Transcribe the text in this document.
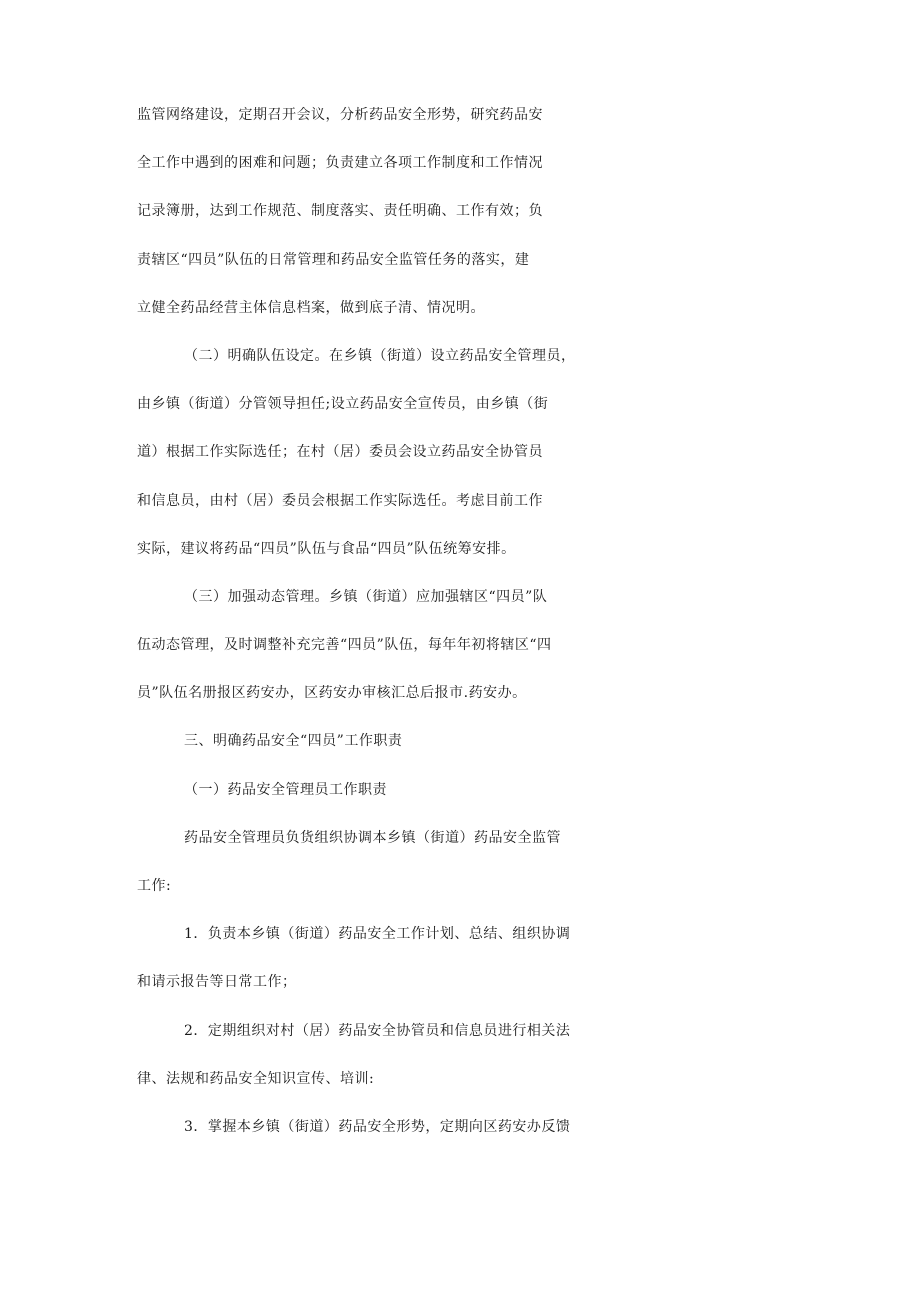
监管网络建设，定期召开会议，分析药品安全形势，研究药品安
全工作中遇到的困难和问题；负责建立各项工作制度和工作情况
记录簿册，达到工作规范、制度落实、责任明确、工作有效；负
责辖区“四员”队伍的日常管理和药品安全监管任务的落实，建
立健全药品经营主体信息档案，做到底子清、情况明。
（二）明确队伍设定。在乡镇（街道）设立药品安全管理员，
由乡镇（街道）分管领导担任;设立药品安全宣传员，由乡镇（街
道）根据工作实际选任；在村（居）委员会设立药品安全协管员
和信息员，由村（居）委员会根据工作实际选任。考虑目前工作
实际，建议将药品“四员”队伍与食品“四员”队伍统筹安排。
（三）加强动态管理。乡镇（街道）应加强辖区“四员”队
伍动态管理，及时调整补充完善“四员”队伍，每年年初将辖区“四
员”队伍名册报区药安办，区药安办审核汇总后报市.药安办。
三、明确药品安全“四员”工作职责
（一）药品安全管理员工作职责
药品安全管理员负货组织协调本乡镇（街道）药品安全监管
工作:
1．负责本乡镇（街道）药品安全工作计划、总结、组织协调
和请示报告等日常工作；
2．定期组织对村（居）药品安全协管员和信息员进行相关法
律、法规和药品安全知识宣传、培训:
3．掌握本乡镇（街道）药品安全形势，定期向区药安办反馈
